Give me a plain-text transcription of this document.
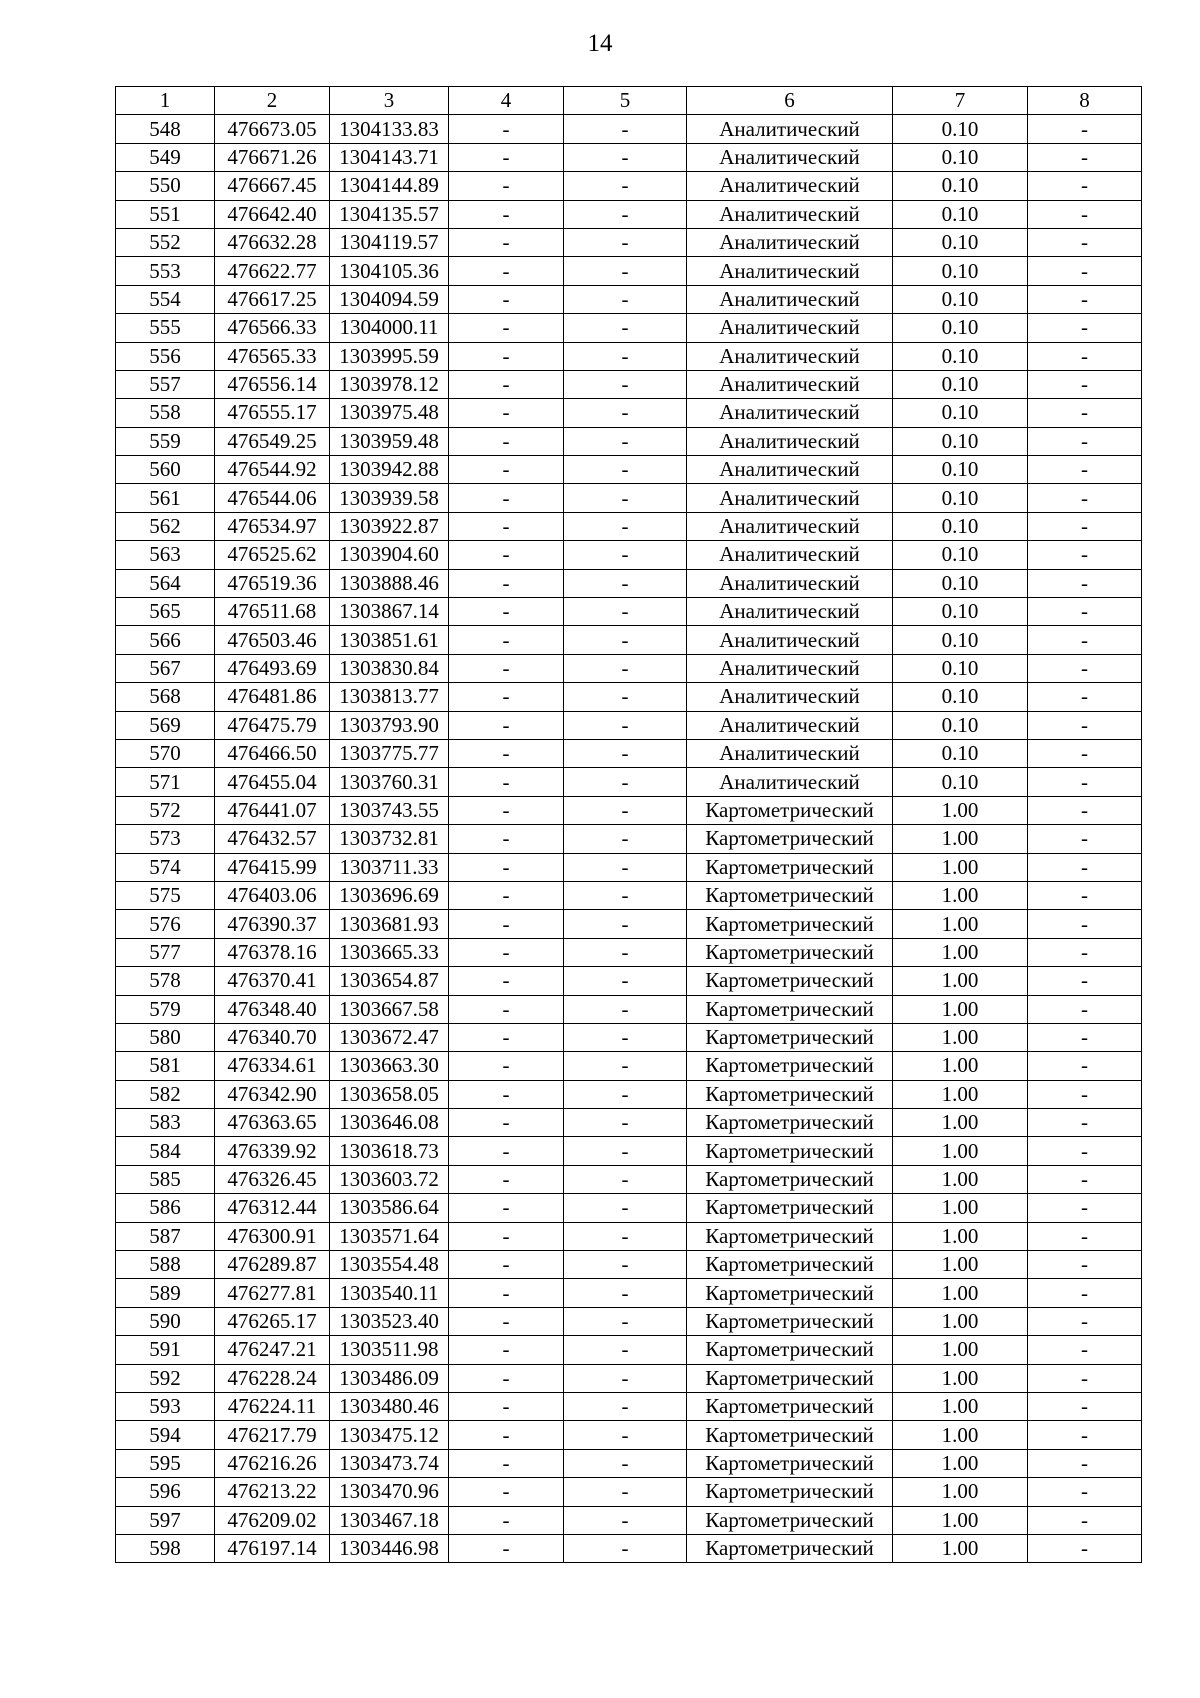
14
1	2	3	4	5	6	7	8
548	476673.05	1304133.83	-	-	Аналитический	0.10	-
549	476671.26	1304143.71	-	-	Аналитический	0.10	-
550	476667.45	1304144.89	-	-	Аналитический	0.10	-
551	476642.40	1304135.57	-	-	Аналитический	0.10	-
552	476632.28	1304119.57	-	-	Аналитический	0.10	-
553	476622.77	1304105.36	-	-	Аналитический	0.10	-
554	476617.25	1304094.59	-	-	Аналитический	0.10	-
555	476566.33	1304000.11	-	-	Аналитический	0.10	-
556	476565.33	1303995.59	-	-	Аналитический	0.10	-
557	476556.14	1303978.12	-	-	Аналитический	0.10	-
558	476555.17	1303975.48	-	-	Аналитический	0.10	-
559	476549.25	1303959.48	-	-	Аналитический	0.10	-
560	476544.92	1303942.88	-	-	Аналитический	0.10	-
561	476544.06	1303939.58	-	-	Аналитический	0.10	-
562	476534.97	1303922.87	-	-	Аналитический	0.10	-
563	476525.62	1303904.60	-	-	Аналитический	0.10	-
564	476519.36	1303888.46	-	-	Аналитический	0.10	-
565	476511.68	1303867.14	-	-	Аналитический	0.10	-
566	476503.46	1303851.61	-	-	Аналитический	0.10	-
567	476493.69	1303830.84	-	-	Аналитический	0.10	-
568	476481.86	1303813.77	-	-	Аналитический	0.10	-
569	476475.79	1303793.90	-	-	Аналитический	0.10	-
570	476466.50	1303775.77	-	-	Аналитический	0.10	-
571	476455.04	1303760.31	-	-	Аналитический	0.10	-
572	476441.07	1303743.55	-	-	Картометрический	1.00	-
573	476432.57	1303732.81	-	-	Картометрический	1.00	-
574	476415.99	1303711.33	-	-	Картометрический	1.00	-
575	476403.06	1303696.69	-	-	Картометрический	1.00	-
576	476390.37	1303681.93	-	-	Картометрический	1.00	-
577	476378.16	1303665.33	-	-	Картометрический	1.00	-
578	476370.41	1303654.87	-	-	Картометрический	1.00	-
579	476348.40	1303667.58	-	-	Картометрический	1.00	-
580	476340.70	1303672.47	-	-	Картометрический	1.00	-
581	476334.61	1303663.30	-	-	Картометрический	1.00	-
582	476342.90	1303658.05	-	-	Картометрический	1.00	-
583	476363.65	1303646.08	-	-	Картометрический	1.00	-
584	476339.92	1303618.73	-	-	Картометрический	1.00	-
585	476326.45	1303603.72	-	-	Картометрический	1.00	-
586	476312.44	1303586.64	-	-	Картометрический	1.00	-
587	476300.91	1303571.64	-	-	Картометрический	1.00	-
588	476289.87	1303554.48	-	-	Картометрический	1.00	-
589	476277.81	1303540.11	-	-	Картометрический	1.00	-
590	476265.17	1303523.40	-	-	Картометрический	1.00	-
591	476247.21	1303511.98	-	-	Картометрический	1.00	-
592	476228.24	1303486.09	-	-	Картометрический	1.00	-
593	476224.11	1303480.46	-	-	Картометрический	1.00	-
594	476217.79	1303475.12	-	-	Картометрический	1.00	-
595	476216.26	1303473.74	-	-	Картометрический	1.00	-
596	476213.22	1303470.96	-	-	Картометрический	1.00	-
597	476209.02	1303467.18	-	-	Картометрический	1.00	-
598	476197.14	1303446.98	-	-	Картометрический	1.00	-
